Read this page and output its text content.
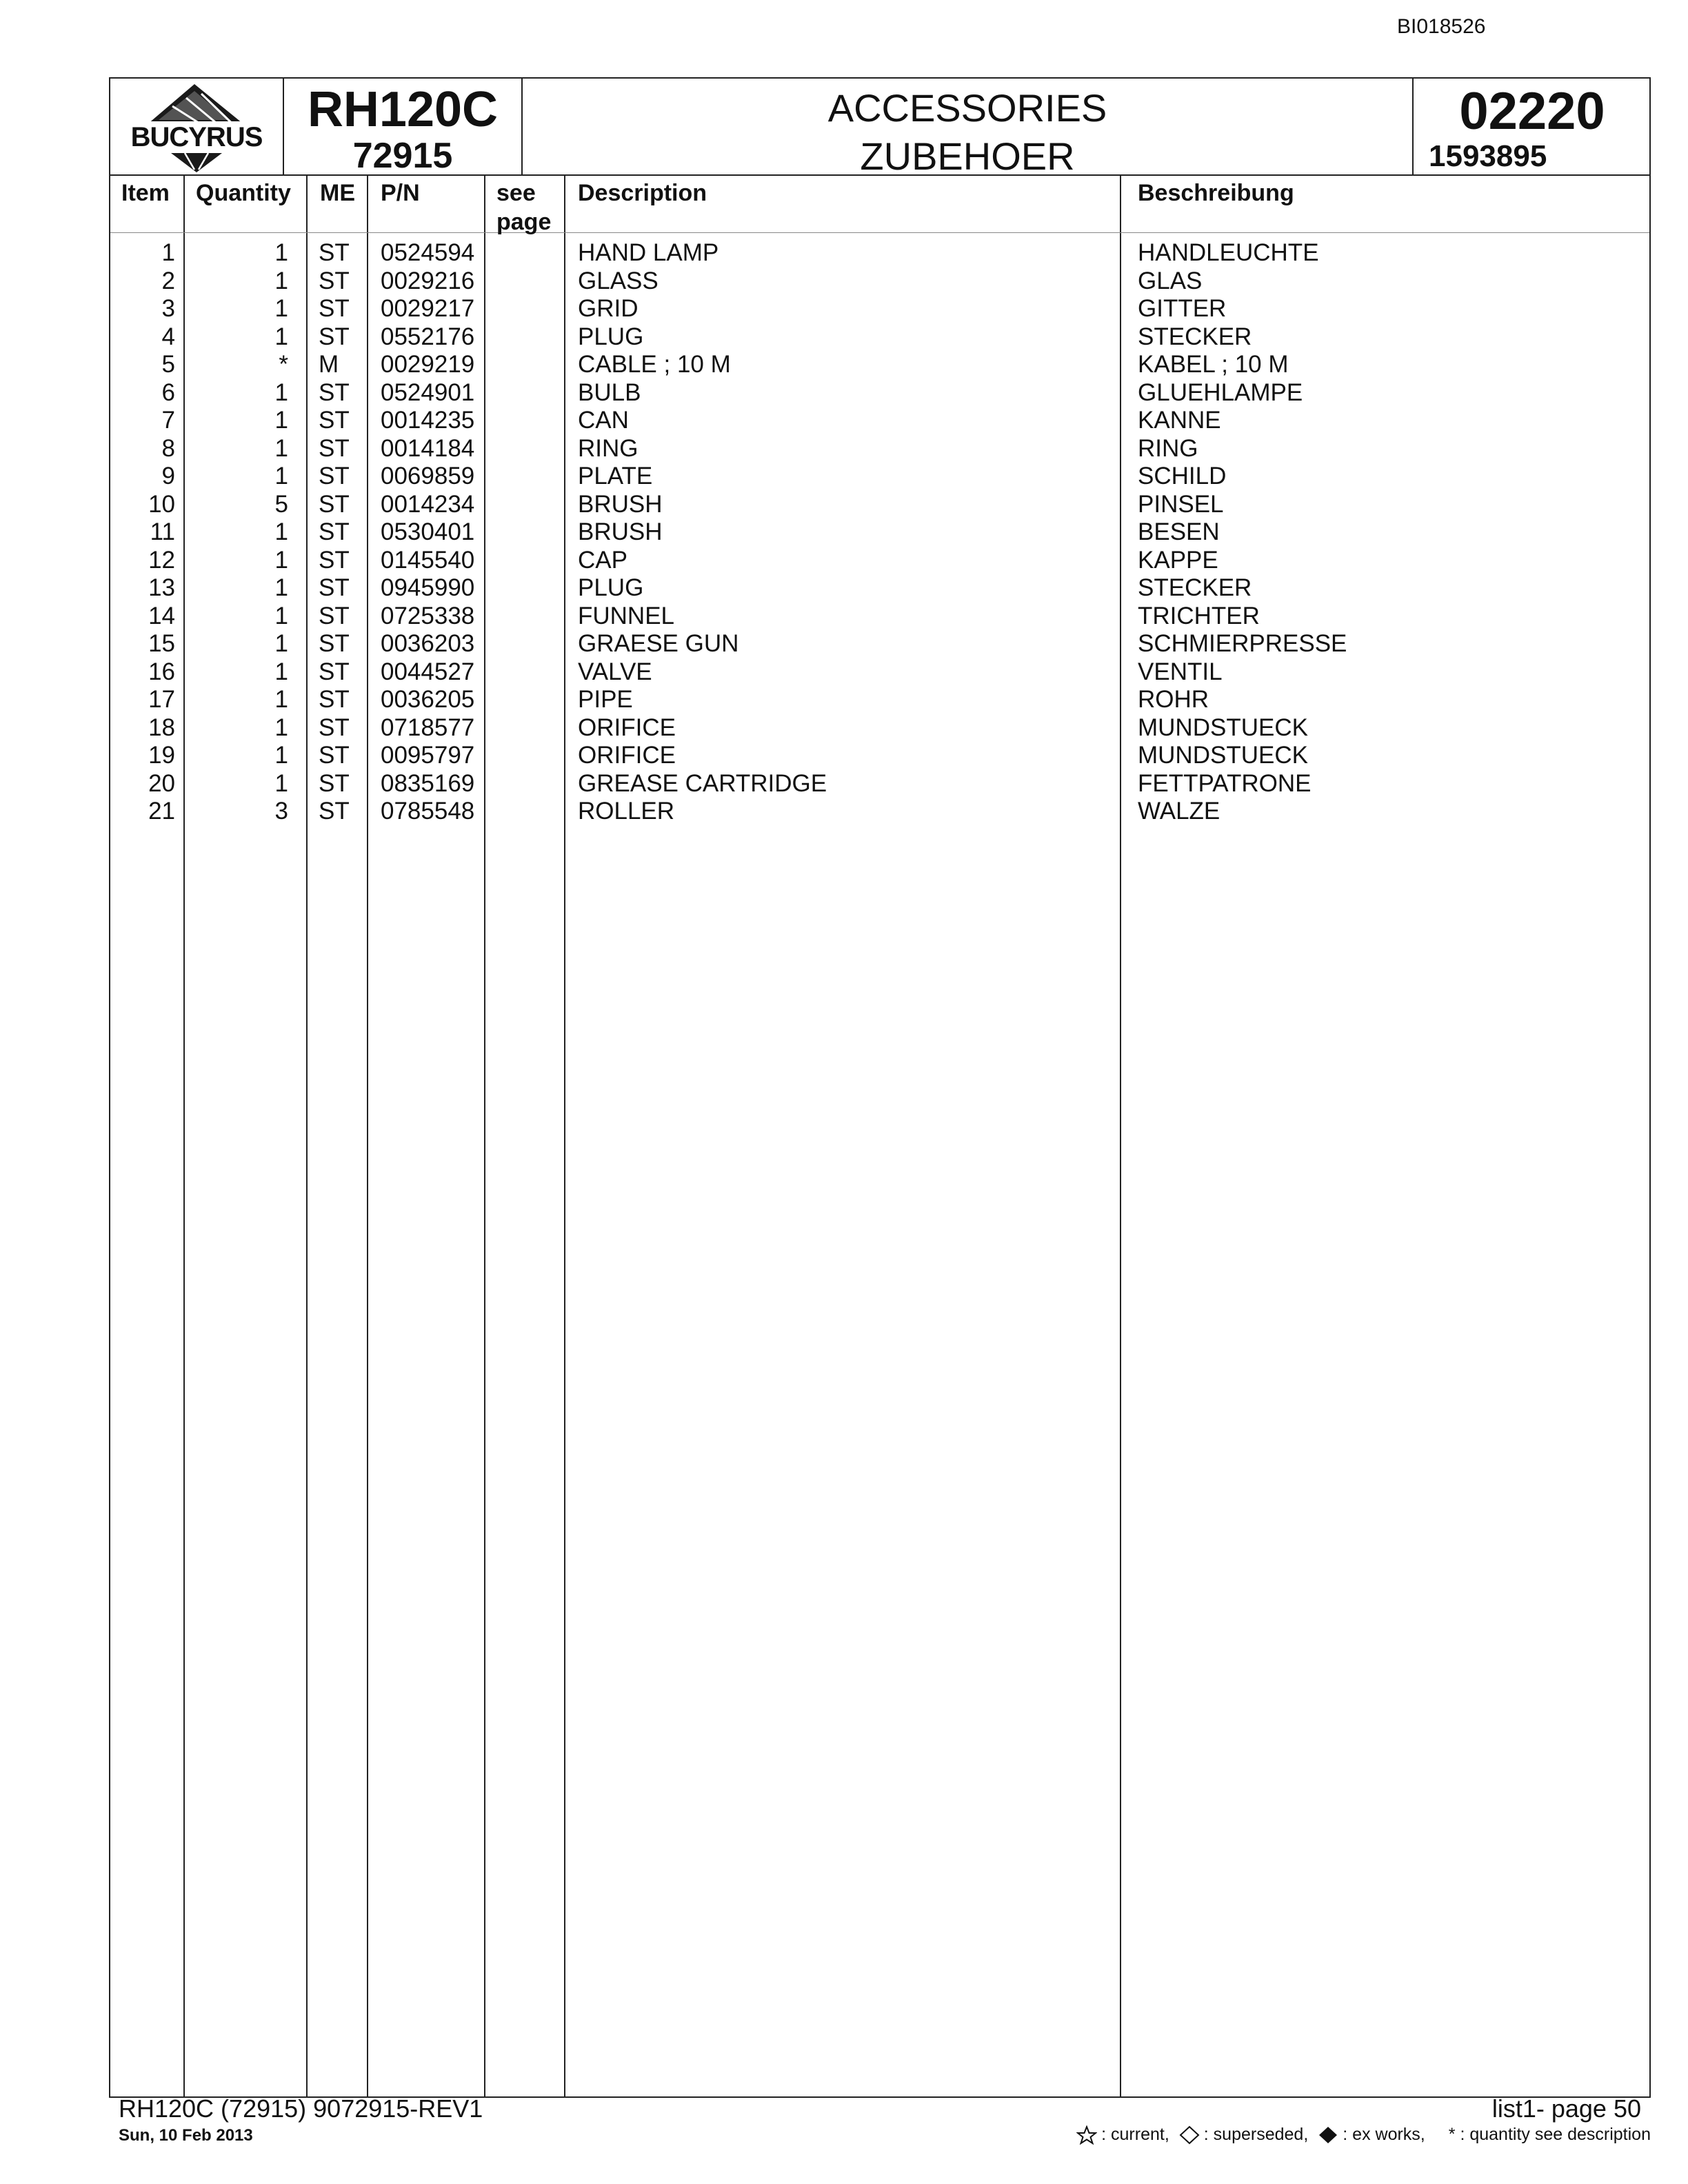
BI018526
BUCYRUS RH120C
72915
ACCESSORIES
ZUBEHOER
02220
1593895
Item Quantity ME P/N	see
page
Description	Beschreibung
1	1 ST 0524594	HAND LAMP	HANDLEUCHTE
2	1 ST 0029216	GLASS	GLAS
3	1 ST 0029217	GRID	GITTER
4	1 ST 0552176	PLUG	STECKER
5	* M 0029219	CABLE ; 10 M	KABEL ; 10 M
6	1 ST 0524901	BULB	GLUEHLAMPE
7	1 ST 0014235	CAN	KANNE
8	1 ST 0014184	RING	RING
9	1 ST 0069859	PLATE	SCHILD
10	5 ST 0014234	BRUSH	PINSEL
11	1 ST 0530401	BRUSH	BESEN
12	1 ST 0145540	CAP	KAPPE
13	1 ST 0945990	PLUG	STECKER
14	1 ST 0725338	FUNNEL	TRICHTER
15	1 ST 0036203	GRAESE GUN	SCHMIERPRESSE
16	1 ST 0044527	VALVE	VENTIL
17	1 ST 0036205	PIPE	ROHR
18	1 ST 0718577	ORIFICE	MUNDSTUECK
19	1 ST 0095797	ORIFICE	MUNDSTUECK
20	1 ST 0835169	GREASE CARTRIDGE	FETTPATRONE
21	3 ST 0785548	ROLLER	WALZE
RH120C (72915) 9072915-REV1
Sun, 10 Feb 2013
list1- page 50
: current, : superseded, : ex works, * : quantity see description
